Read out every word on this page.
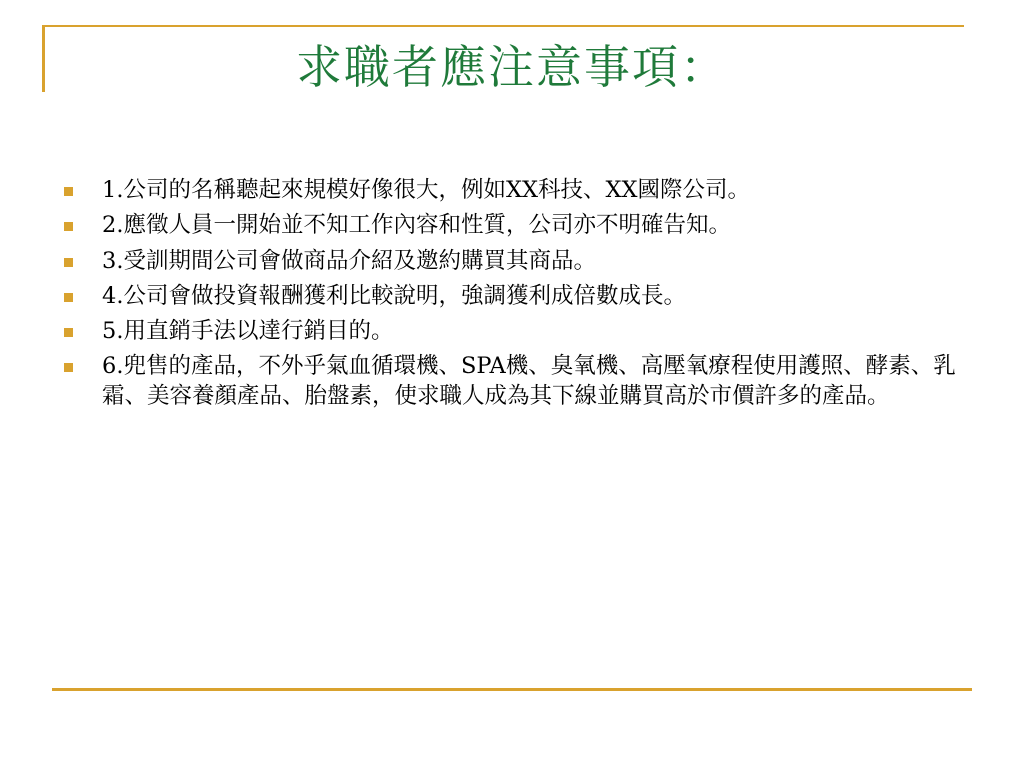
求職者應注意事項：
1.公司的名稱聽起來規模好像很大，例如XX科技、XX國際公司。
2.應徵人員一開始並不知工作內容和性質，公司亦不明確告知。
3.受訓期間公司會做商品介紹及邀約購買其商品。
4.公司會做投資報酬獲利比較說明，強調獲利成倍數成長。
5.用直銷手法以達行銷目的。
6.兜售的產品，不外乎氣血循環機、SPA機、臭氧機、高壓氧療程使用護照、酵素、乳霜、美容養顏產品、胎盤素，使求職人成為其下線並購買高於市價許多的產品。
